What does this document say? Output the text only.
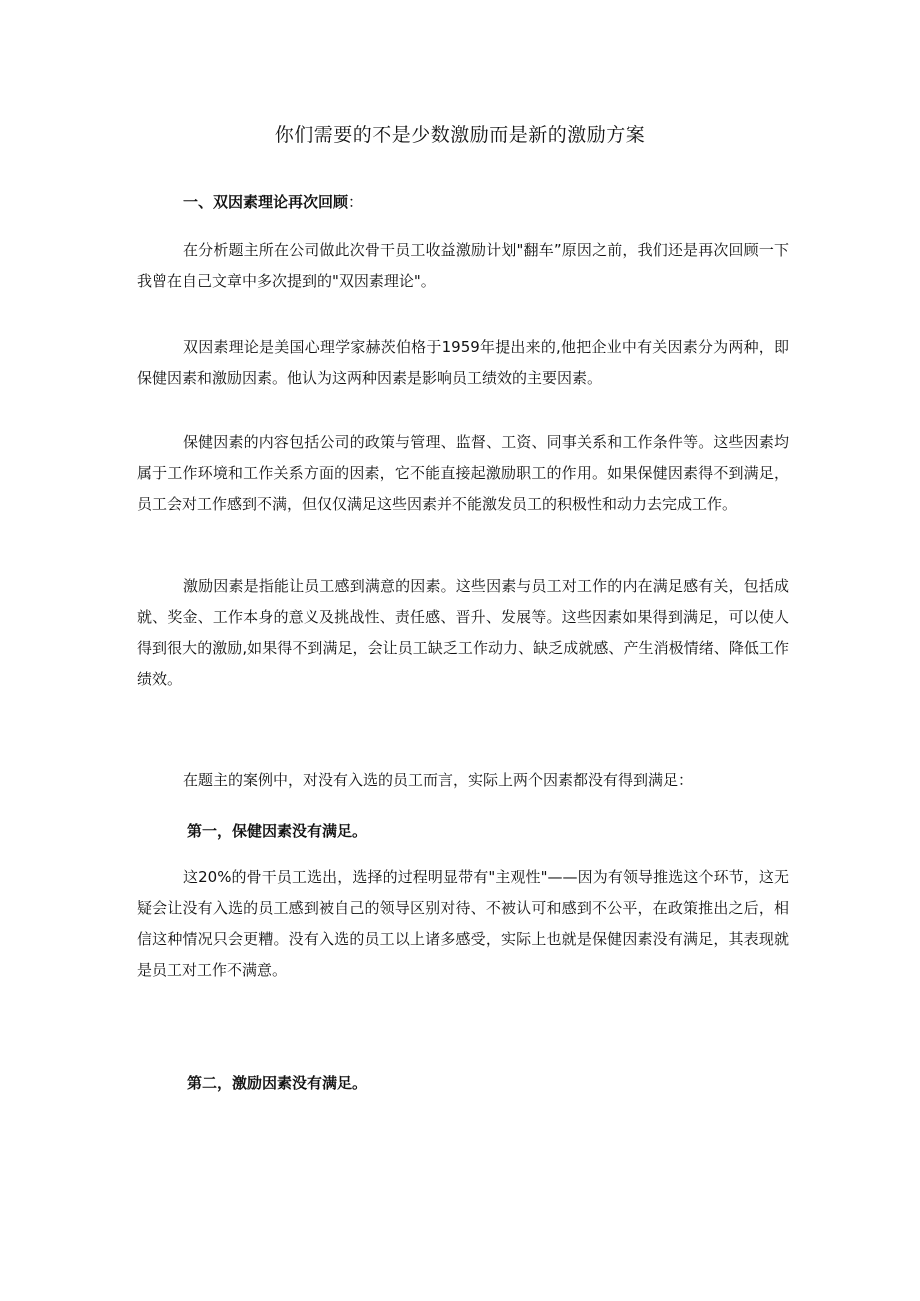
你们需要的不是少数激励而是新的激励方案

一、双因素理论再次回顾：

在分析题主所在公司做此次骨干员工收益激励计划"翻车”原因之前，我们还是再次回顾一下我曾在自己文章中多次提到的"双因素理论"。

双因素理论是美国心理学家赫茨伯格于1959年提出来的,他把企业中有关因素分为两种，即保健因素和激励因素。他认为这两种因素是影响员工绩效的主要因素。

保健因素的内容包括公司的政策与管理、监督、工资、同事关系和工作条件等。这些因素均属于工作环境和工作关系方面的因素，它不能直接起激励职工的作用。如果保健因素得不到满足，员工会对工作感到不满，但仅仅满足这些因素并不能激发员工的积极性和动力去完成工作。

激励因素是指能让员工感到满意的因素。这些因素与员工对工作的内在满足感有关，包括成就、奖金、工作本身的意义及挑战性、责任感、晋升、发展等。这些因素如果得到满足，可以使人得到很大的激励,如果得不到满足，会让员工缺乏工作动力、缺乏成就感、产生消极情绪、降低工作绩效。

在题主的案例中，对没有入选的员工而言，实际上两个因素都没有得到满足：

第一，保健因素没有满足。

这20%的骨干员工选出，选择的过程明显带有"主观性"——因为有领导推选这个环节，这无疑会让没有入选的员工感到被自己的领导区别对待、不被认可和感到不公平，在政策推出之后，相信这种情况只会更糟。没有入选的员工以上诸多感受，实际上也就是保健因素没有满足，其表现就是员工对工作不满意。

第二，激励因素没有满足。
